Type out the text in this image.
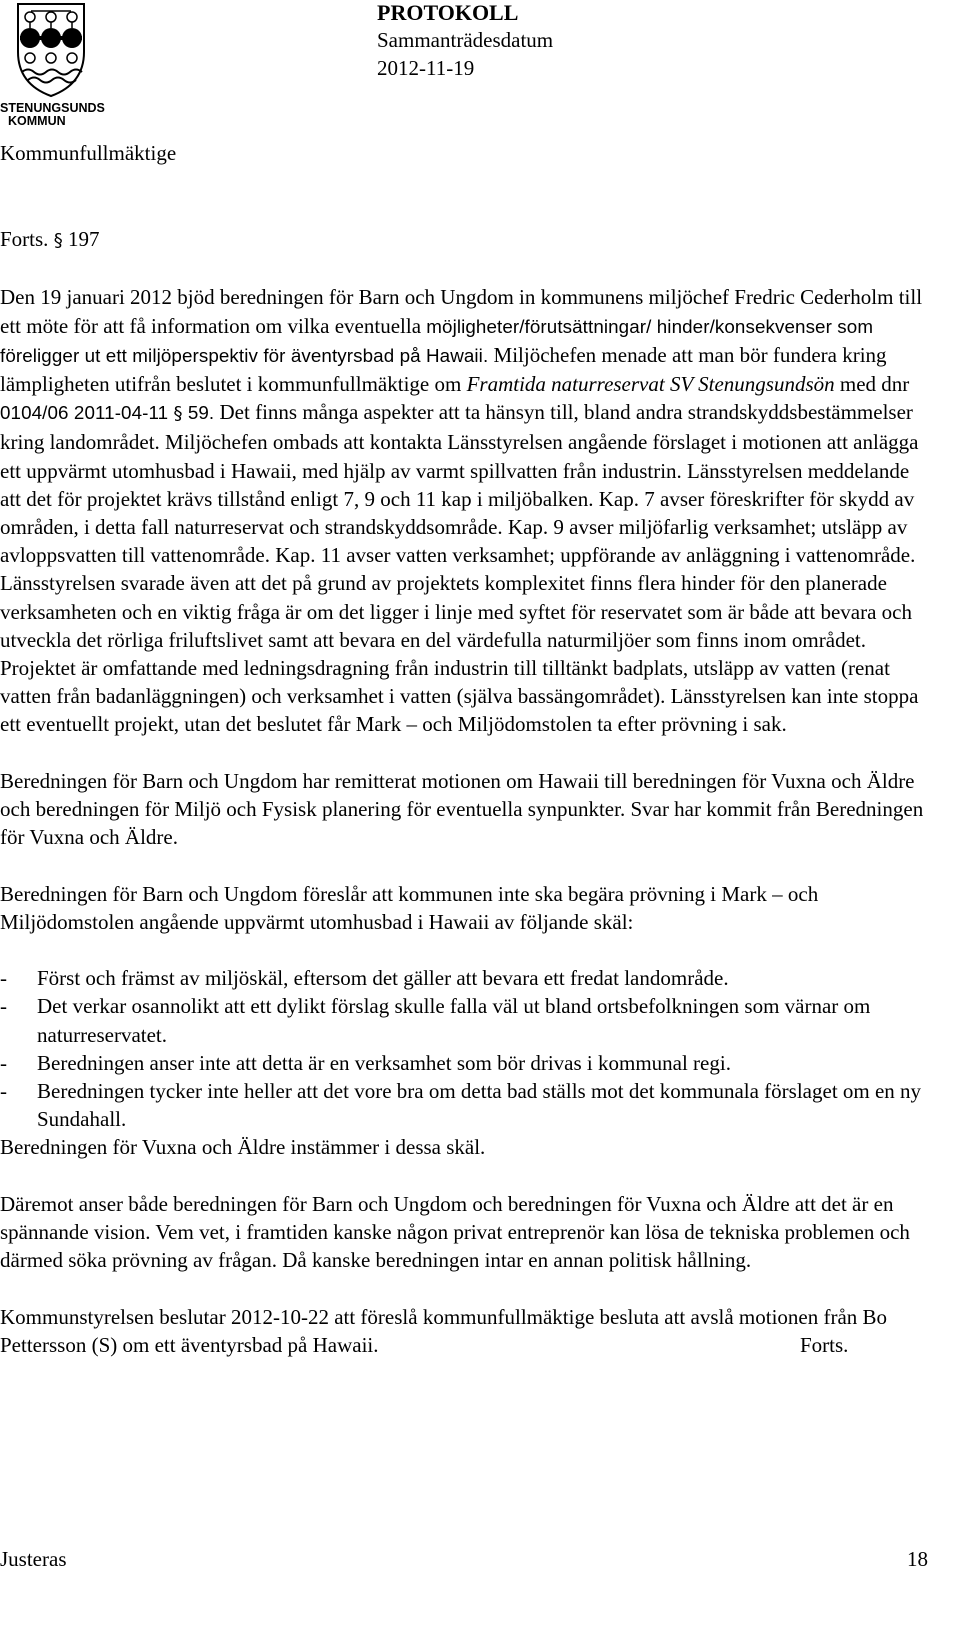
STENUNGSUNDS
KOMMUN
PROTOKOLL
Sammanträdesdatum
2012-11-19
Kommunfullmäktige

Forts. § 197

Den 19 januari 2012 bjöd beredningen för Barn och Ungdom in kommunens miljöchef Fredric Cederholm till ett möte för att få information om vilka eventuella möjligheter/förutsättningar/ hinder/konsekvenser som föreligger ut ett miljöperspektiv för äventyrsbad på Hawaii. Miljöchefen menade att man bör fundera kring lämpligheten utifrån beslutet i kommunfullmäktige om Framtida naturreservat SV Stenungsundsön med dnr 0104/06 2011-04-11 § 59. Det finns många aspekter att ta hänsyn till, bland andra strandskyddsbestämmelser kring landområdet. Miljöchefen ombads att kontakta Länsstyrelsen angående förslaget i motionen att anlägga ett uppvärmt utomhusbad i Hawaii, med hjälp av varmt spillvatten från industrin. Länsstyrelsen meddelande att det för projektet krävs tillstånd enligt 7, 9 och 11 kap i miljöbalken. Kap. 7 avser föreskrifter för skydd av områden, i detta fall naturreservat och strandskyddsområde. Kap. 9 avser miljöfarlig verksamhet; utsläpp av avloppsvatten till vattenområde. Kap. 11 avser vatten verksamhet; uppförande av anläggning i vattenområde. Länsstyrelsen svarade även att det på grund av projektets komplexitet finns flera hinder för den planerade verksamheten och en viktig fråga är om det ligger i linje med syftet för reservatet som är både att bevara och utveckla det rörliga friluftslivet samt att bevara en del värdefulla naturmiljöer som finns inom området. Projektet är omfattande med ledningsdragning från industrin till tilltänkt badplats, utsläpp av vatten (renat vatten från badanläggningen) och verksamhet i vatten (själva bassängområdet). Länsstyrelsen kan inte stoppa ett eventuellt projekt, utan det beslutet får Mark – och Miljödomstolen ta efter prövning i sak.

Beredningen för Barn och Ungdom har remitterat motionen om Hawaii till beredningen för Vuxna och Äldre och beredningen för Miljö och Fysisk planering för eventuella synpunkter. Svar har kommit från Beredningen för Vuxna och Äldre.

Beredningen för Barn och Ungdom föreslår att kommunen inte ska begära prövning i Mark – och Miljödomstolen angående uppvärmt utomhusbad i Hawaii av följande skäl:

- Först och främst av miljöskäl, eftersom det gäller att bevara ett fredat landområde.
- Det verkar osannolikt att ett dylikt förslag skulle falla väl ut bland ortsbefolkningen som värnar om naturreservatet.
- Beredningen anser inte att detta är en verksamhet som bör drivas i kommunal regi.
- Beredningen tycker inte heller att det vore bra om detta bad ställs mot det kommunala förslaget om en ny Sundahall.

Beredningen för Vuxna och Äldre instämmer i dessa skäl.

Däremot anser både beredningen för Barn och Ungdom och beredningen för Vuxna och Äldre att det är en spännande vision. Vem vet, i framtiden kanske någon privat entreprenör kan lösa de tekniska problemen och därmed söka prövning av frågan. Då kanske beredningen intar en annan politisk hållning.

Kommunstyrelsen beslutar 2012-10-22 att föreslå kommunfullmäktige besluta att avslå motionen från Bo Pettersson (S) om ett äventyrsbad på Hawaii.	Forts.

Justeras	18
